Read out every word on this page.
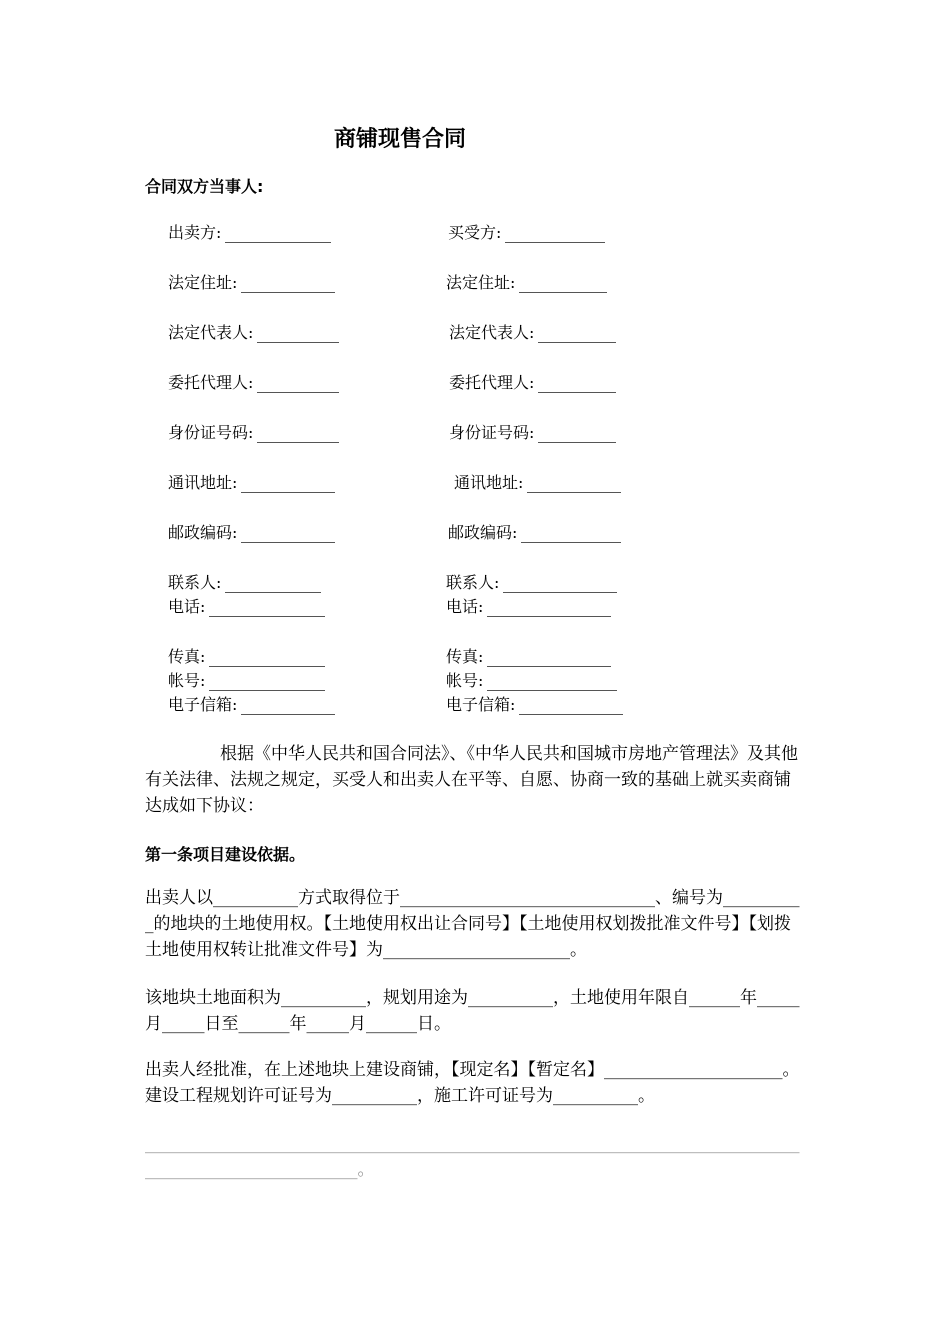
商铺现售合同
合同双方当事人:
出卖方:	买受方:
法定住址:	法定住址:
法定代表人:	法定代表人:
委托代理人:	委托代理人:
身份证号码:	身份证号码:
通讯地址:	通讯地址:
邮政编码:	邮政编码:
联系人:	联系人:
电话:	电话:
传真:	传真:
帐号:	帐号:
电子信箱:	电子信箱:
根据《中华人民共和国合同法》、《中华人民共和国城市房地产管理法》及其他有关法律、法规之规定，买受人和出卖人在平等、自愿、协商一致的基础上就买卖商铺达成如下协议：
第一条项目建设依据。
出卖人以__________方式取得位于______________________________、编号为__________的地块的土地使用权。【土地使用权出让合同号】【土地使用权划拨批准文件号】【划拨土地使用权转让批准文件号】为______________________。
该地块土地面积为__________，规划用途为__________，土地使用年限自______年_____月_____日至______年_____月______日。
出卖人经批准，在上述地块上建设商铺，【现定名】【暂定名】_____________________。建设工程规划许可证号为__________，施工许可证号为__________。
______________________________________________________________________________________________________。
